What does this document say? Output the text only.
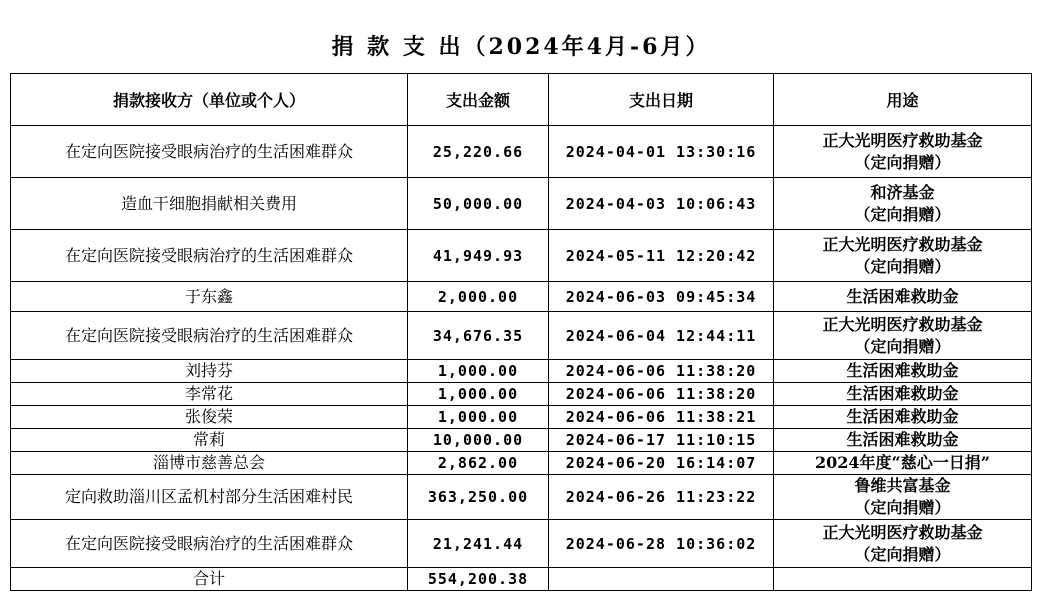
捐 款 支 出（2024年4月-6月）
捐款接收方（单位或个人）	支出金额	支出日期	用途
在定向医院接受眼病治疗的生活困难群众	25,220.66	2024-04-01 13:30:16	正大光明医疗救助基金
（定向捐赠）

造血干细胞捐献相关费用	50,000.00	2024-04-03 10:06:43	和济基金
（定向捐赠）

在定向医院接受眼病治疗的生活困难群众	41,949.93	2024-05-11 12:20:42	正大光明医疗救助基金
（定向捐赠）

于东鑫	2,000.00	2024-06-03 09:45:34	生活困难救助金
在定向医院接受眼病治疗的生活困难群众	34,676.35	2024-06-04 12:44:11	正大光明医疗救助基金
（定向捐赠）

刘持芬	1,000.00	2024-06-06 11:38:20	生活困难救助金
李常花	1,000.00	2024-06-06 11:38:20	生活困难救助金
张俊荣	1,000.00	2024-06-06 11:38:21	生活困难救助金
常莉	10,000.00	2024-06-17 11:10:15	生活困难救助金
淄博市慈善总会	2,862.00	2024-06-20 16:14:07	2024年度“慈心一日捐”
定向救助淄川区孟机村部分生活困难村民	363,250.00	2024-06-26 11:23:22	鲁维共富基金
（定向捐赠）

在定向医院接受眼病治疗的生活困难群众	21,241.44	2024-06-28 10:36:02	正大光明医疗救助基金
（定向捐赠）

合计	554,200.38		
